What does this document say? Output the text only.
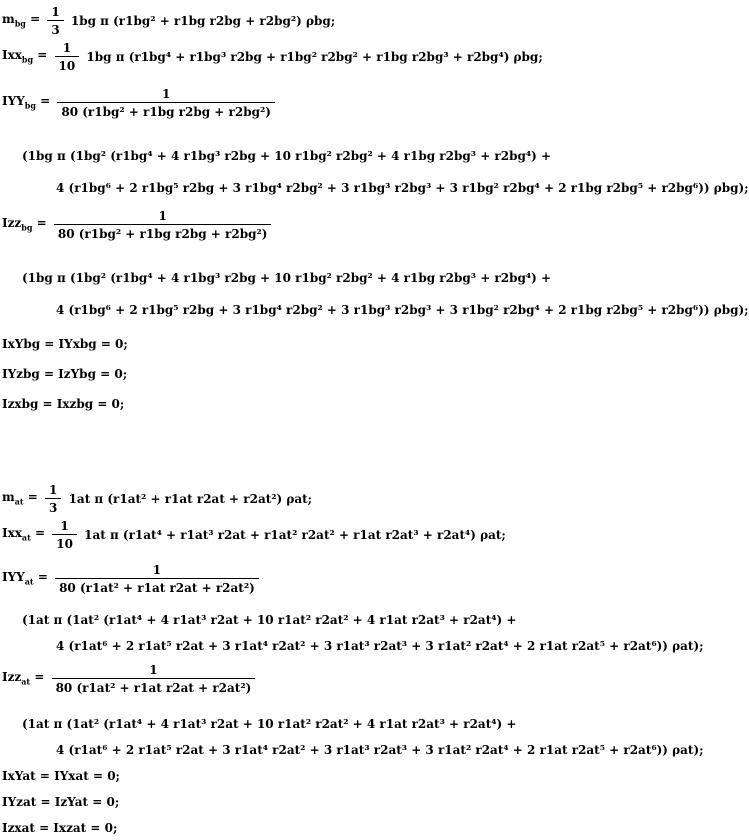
$m_{bg} = \frac{1}{3} 1bg$ π (r1bg² + r1bg r2bg + r2bg²) ρbg;
$Ixx_{bg} = \frac{1}{10} 1bg$ π (r1bg⁴ + r1bg³ r2bg + r1bg² r2bg² + r1bg r2bg³ + r2bg⁴) ρbg;
$IYY_{bg} = \frac{1}{\text{80 (r1bg² + r1bg r2bg + r2bg²)}}$
(1bg π (1bg² (r1bg⁴ + 4 r1bg³ r2bg + 10 r1bg² r2bg² + 4 r1bg r2bg³ + r2bg⁴) +
4 (r1bg⁶ + 2 r1bg⁵ r2bg + 3 r1bg⁴ r2bg² + 3 r1bg³ r2bg³ + 3 r1bg² r2bg⁴ + 2 r1bg r2bg⁵ + r2bg⁶)) ρbg);
$Izz_{bg} = \frac{1}{\text{80 (r1bg² + r1bg r2bg + r2bg²)}}$
(1bg π (1bg² (r1bg⁴ + 4 r1bg³ r2bg + 10 r1bg² r2bg² + 4 r1bg r2bg³ + r2bg⁴) +
4 (r1bg⁶ + 2 r1bg⁵ r2bg + 3 r1bg⁴ r2bg² + 3 r1bg³ r2bg³ + 3 r1bg² r2bg⁴ + 2 r1bg r2bg⁵ + r2bg⁶)) ρbg);
IxYbg = IYxbg = 0;
IYzbg = IzYbg = 0;
Izxbg = Ixzbg = 0;
$m_{at} = \frac{1}{3} 1at$ π (r1at² + r1at r2at + r2at²) ρat;
$Ixx_{at} = \frac{1}{10} 1at$ π (r1at⁴ + r1at³ r2at + r1at² r2at² + r1at r2at³ + r2at⁴) ρat;
$IYY_{at} = \frac{1}{\text{80 (r1at² + r1at r2at + r2at²)}}$
(1at π (1at² (r1at⁴ + 4 r1at³ r2at + 10 r1at² r2at² + 4 r1at r2at³ + r2at⁴) +
4 (r1at⁶ + 2 r1at⁵ r2at + 3 r1at⁴ r2at² + 3 r1at³ r2at³ + 3 r1at² r2at⁴ + 2 r1at r2at⁵ + r2at⁶)) ρat);
$Izz_{at} = \frac{1}{\text{80 (r1at² + r1at r2at + r2at²)}}$
(1at π (1at² (r1at⁴ + 4 r1at³ r2at + 10 r1at² r2at² + 4 r1at r2at³ + r2at⁴) +
4 (r1at⁶ + 2 r1at⁵ r2at + 3 r1at⁴ r2at² + 3 r1at³ r2at³ + 3 r1at² r2at⁴ + 2 r1at r2at⁵ + r2at⁶)) ρat);
IxYat = IYxat = 0;
IYzat = IzYat = 0;
Izxat = Ixzat = 0;
